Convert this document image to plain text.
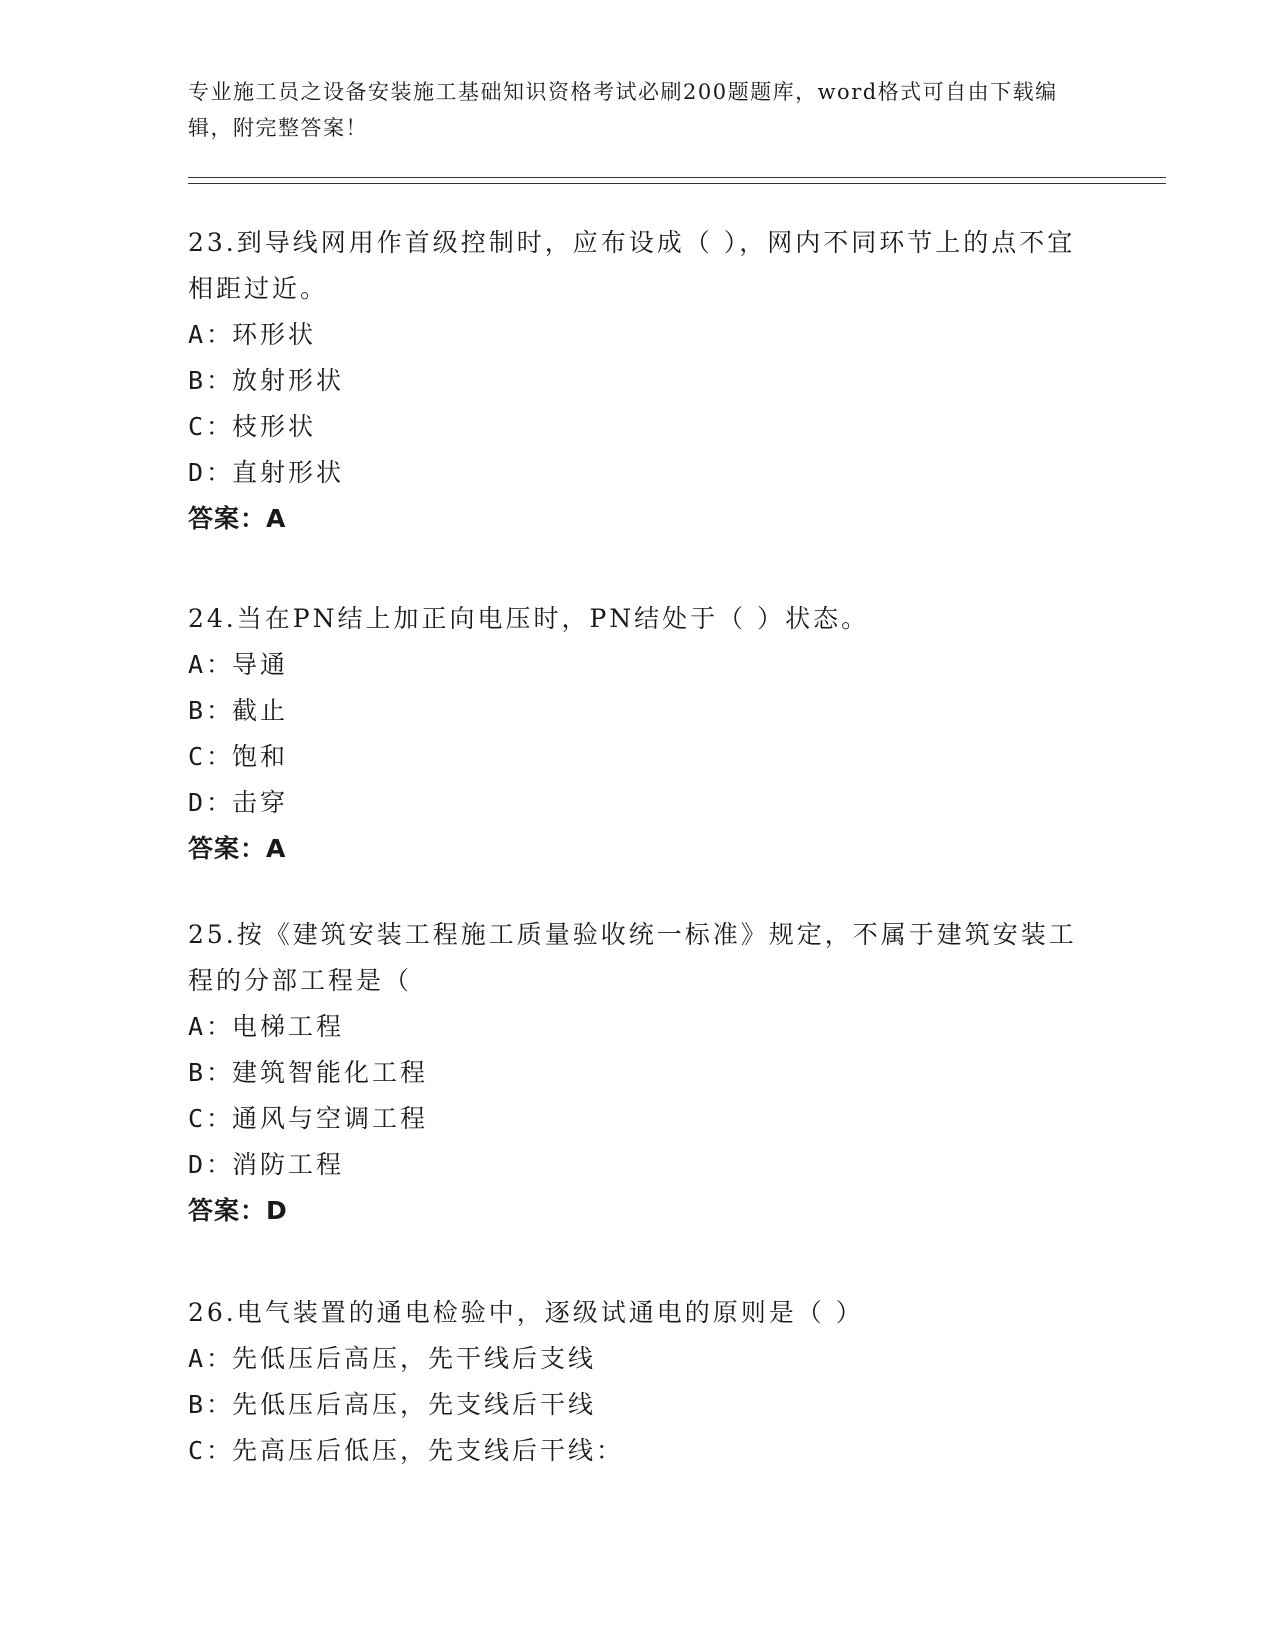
专业施工员之设备安装施工基础知识资格考试必刷200题题库，word格式可自由下载编辑，附完整答案！
23.到导线网用作首级控制时，应布设成（ ），网内不同环节上的点不宜相距过近。
A：
环形状
B：
放射形状
C：
枝形状
D：
直射形状
答案：A
24.当在PN结上加正向电压时，PN结处于（ ）状态。
A：
导通
B：
截止
C：
饱和
D：
击穿
答案：A
25.按《建筑安装工程施工质量验收统一标准》规定，不属于建筑安装工程的分部工程是（
A：
电梯工程
B：
建筑智能化工程
C：
通风与空调工程
D：
消防工程
答案：D
26.电气装置的通电检验中，逐级试通电的原则是（ ）
A：
先低压后高压，先干线后支线
B：
先低压后高压，先支线后干线
C：
先高压后低压，先支线后干线：
